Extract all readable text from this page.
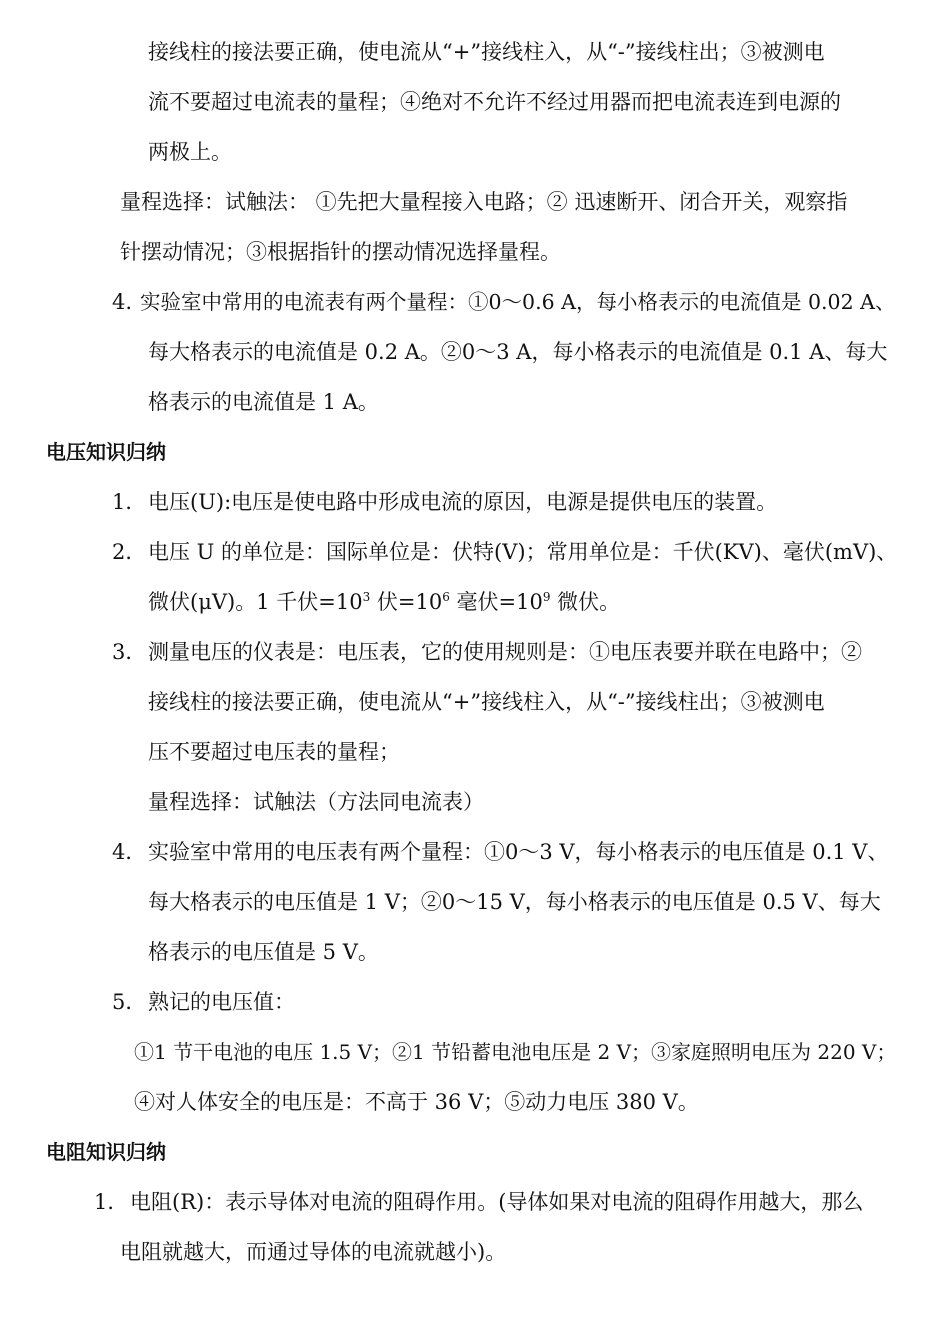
接线柱的接法要正确，使电流从“+”接线柱入，从“-”接线柱出；③被测电
流不要超过电流表的量程；④绝对不允许不经过用器而把电流表连到电源的
两极上。
量程选择：试触法： ①先把大量程接入电路；② 迅速断开、闭合开关，观察指
针摆动情况；③根据指针的摆动情况选择量程。
4. 实验室中常用的电流表有两个量程：①0～0.6 A，每小格表示的电流值是 0.02 A、
每大格表示的电流值是 0.2 A。②0～3 A，每小格表示的电流值是 0.1 A、每大
格表示的电流值是 1 A。
电压知识归纳
1． 电压(U):电压是使电路中形成电流的原因，电源是提供电压的装置。
2． 电压 U 的单位是：国际单位是：伏特(V)；常用单位是：千伏(KV)、毫伏(mV)、
微伏(μV)。1 千伏$=10^3$ 伏$=10^6$ 毫伏$=10^9$ 微伏。
3． 测量电压的仪表是：电压表，它的使用规则是：①电压表要并联在电路中；②
接线柱的接法要正确，使电流从“+”接线柱入，从“-”接线柱出；③被测电
压不要超过电压表的量程；
量程选择：试触法（方法同电流表）
4． 实验室中常用的电压表有两个量程：①0～3 V，每小格表示的电压值是 0.1 V、
每大格表示的电压值是 1 V；②0～15 V，每小格表示的电压值是 0.5 V、每大
格表示的电压值是 5 V。
5． 熟记的电压值：
①1 节干电池的电压 1.5 V；②1 节铅蓄电池电压是 2 V；③家庭照明电压为 220 V；
④对人体安全的电压是：不高于 36 V；⑤动力电压 380 V。
电阻知识归纳
1． 电阻(R)：表示导体对电流的阻碍作用。(导体如果对电流的阻碍作用越大，那么
电阻就越大，而通过导体的电流就越小)。
